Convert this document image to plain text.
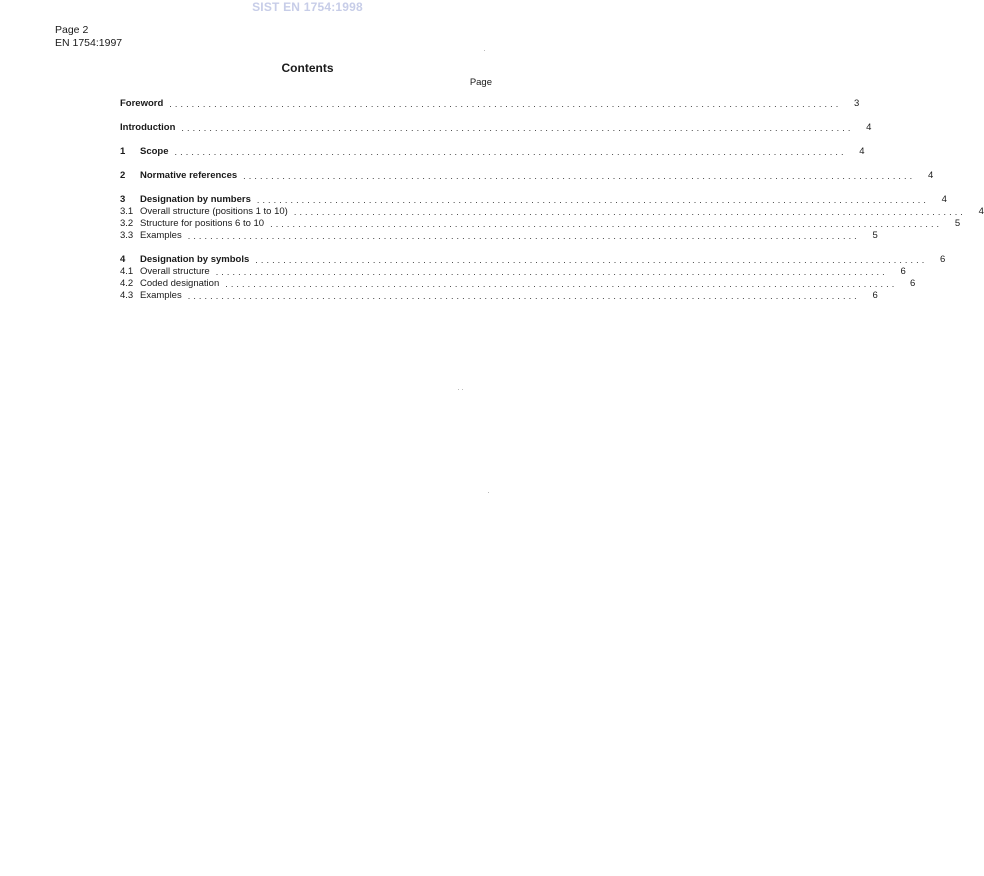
SIST EN 1754:1998
Page 2
EN 1754:1997
Contents
Page
Foreword ........................................................................................................................	3
Introduction ........................................................................................................................	4
1	Scope ........................................................................................................................	4
2	Normative references ........................................................................................................................	4
3	Designation by numbers ........................................................................................................................	4
3.1 Overall structure (positions 1 to 10) ........................................................................................................................	4
3.2 Structure for positions 6 to 10 ........................................................................................................................	5
3.3 Examples ........................................................................................................................	5
4	Designation by symbols ........................................................................................................................	6
4.1 Overall structure ........................................................................................................................	6
4.2 Coded designation ........................................................................................................................	6
4.3 Examples ........................................................................................................................	6
